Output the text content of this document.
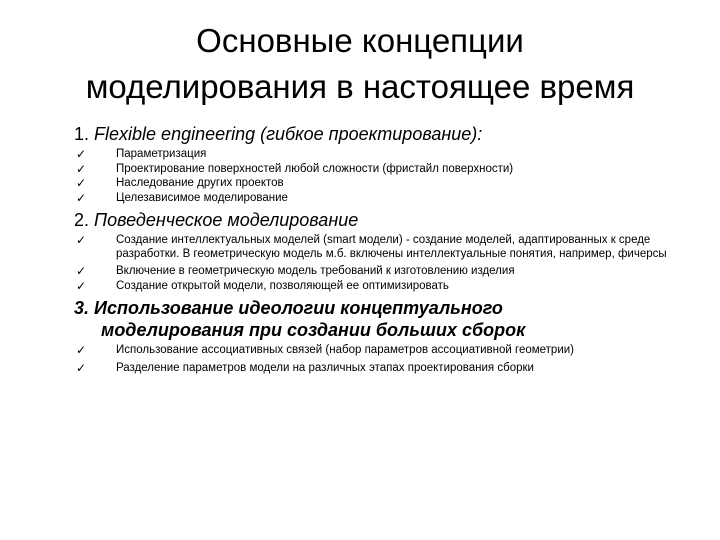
Основные концепции
моделирования в настоящее время
1. Flexible engineering (гибкое проектирование):
✓	Параметризация
✓	Проектирование поверхностей любой сложности (фристайл поверхности)
✓	Наследование других проектов
✓	Целезависимое моделирование
2. Поведенческое моделирование
✓	Создание интеллектуальных моделей (smart модели) - создание моделей, адаптированных к среде разработки. В геометрическую модель м.б. включены интеллектуальные понятия, например, фичерсы
✓	Включение в геометрическую модель требований к изготовлению изделия
✓	Создание открытой модели, позволяющей ее оптимизировать
3. Использование идеологии концептуального
моделирования при создании больших сборок
✓	Использование ассоциативных связей (набор параметров ассоциативной геометрии)
✓	Разделение параметров модели на различных этапах проектирования сборки
